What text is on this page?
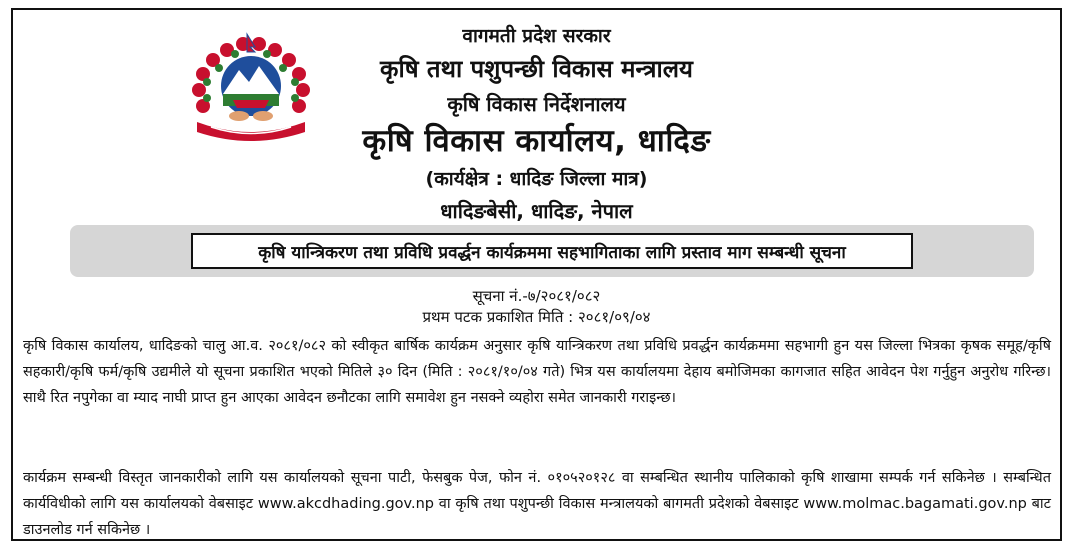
वागमती प्रदेश सरकार
कृषि तथा पशुपन्छी विकास मन्त्रालय
कृषि विकास निर्देशनालय
कृषि विकास कार्यालय, धादिङ
(कार्यक्षेत्र : धादिङ जिल्ला मात्र)
धादिङबेसी, धादिङ, नेपाल
कृषि यान्त्रिकरण तथा प्रविधि प्रवर्द्धन कार्यक्रममा सहभागिताका लागि प्रस्ताव माग सम्बन्धी सूचना
सूचना नं.-७/२०८१/०८२
प्रथम पटक प्रकाशित मिति : २०८१/०९/०४
कृषि विकास कार्यालय, धादिङको चालु आ.व. २०८१/०८२ को स्वीकृत बार्षिक कार्यक्रम अनुसार कृषि यान्त्रिकरण तथा प्रविधि प्रवर्द्धन कार्यक्रममा सहभागी हुन यस जिल्ला भित्रका कृषक समूह/कृषि सहकारी/कृषि फर्म/कृषि उद्यमीले यो सूचना प्रकाशित भएको मितिले ३० दिन (मिति : २०८१/१०/०४ गते) भित्र यस कार्यालयमा देहाय बमोजिमका कागजात सहित आवेदन पेश गर्नुहुन अनुरोध गरिन्छ। साथै रित नपुगेका वा म्याद नाघी प्राप्त हुन आएका आवेदन छनौटका लागि समावेश हुन नसक्ने व्यहोरा समेत जानकारी गराइन्छ।
कार्यक्रम सम्बन्धी विस्तृत जानकारीको लागि यस कार्यालयको सूचना पाटी, फेसबुक पेज, फोन नं. ०१०५२०१२८ वा सम्बन्धित स्थानीय पालिकाको कृषि शाखामा सम्पर्क गर्न सकिनेछ । सम्बन्धित कार्यविधीको लागि यस कार्यालयको वेबसाइट www.akcdhading.gov.np वा कृषि तथा पशुपन्छी विकास मन्त्रालयको बागमती प्रदेशको वेबसाइट www.molmac.bagamati.gov.np बाट डाउनलोड गर्न सकिनेछ ।
